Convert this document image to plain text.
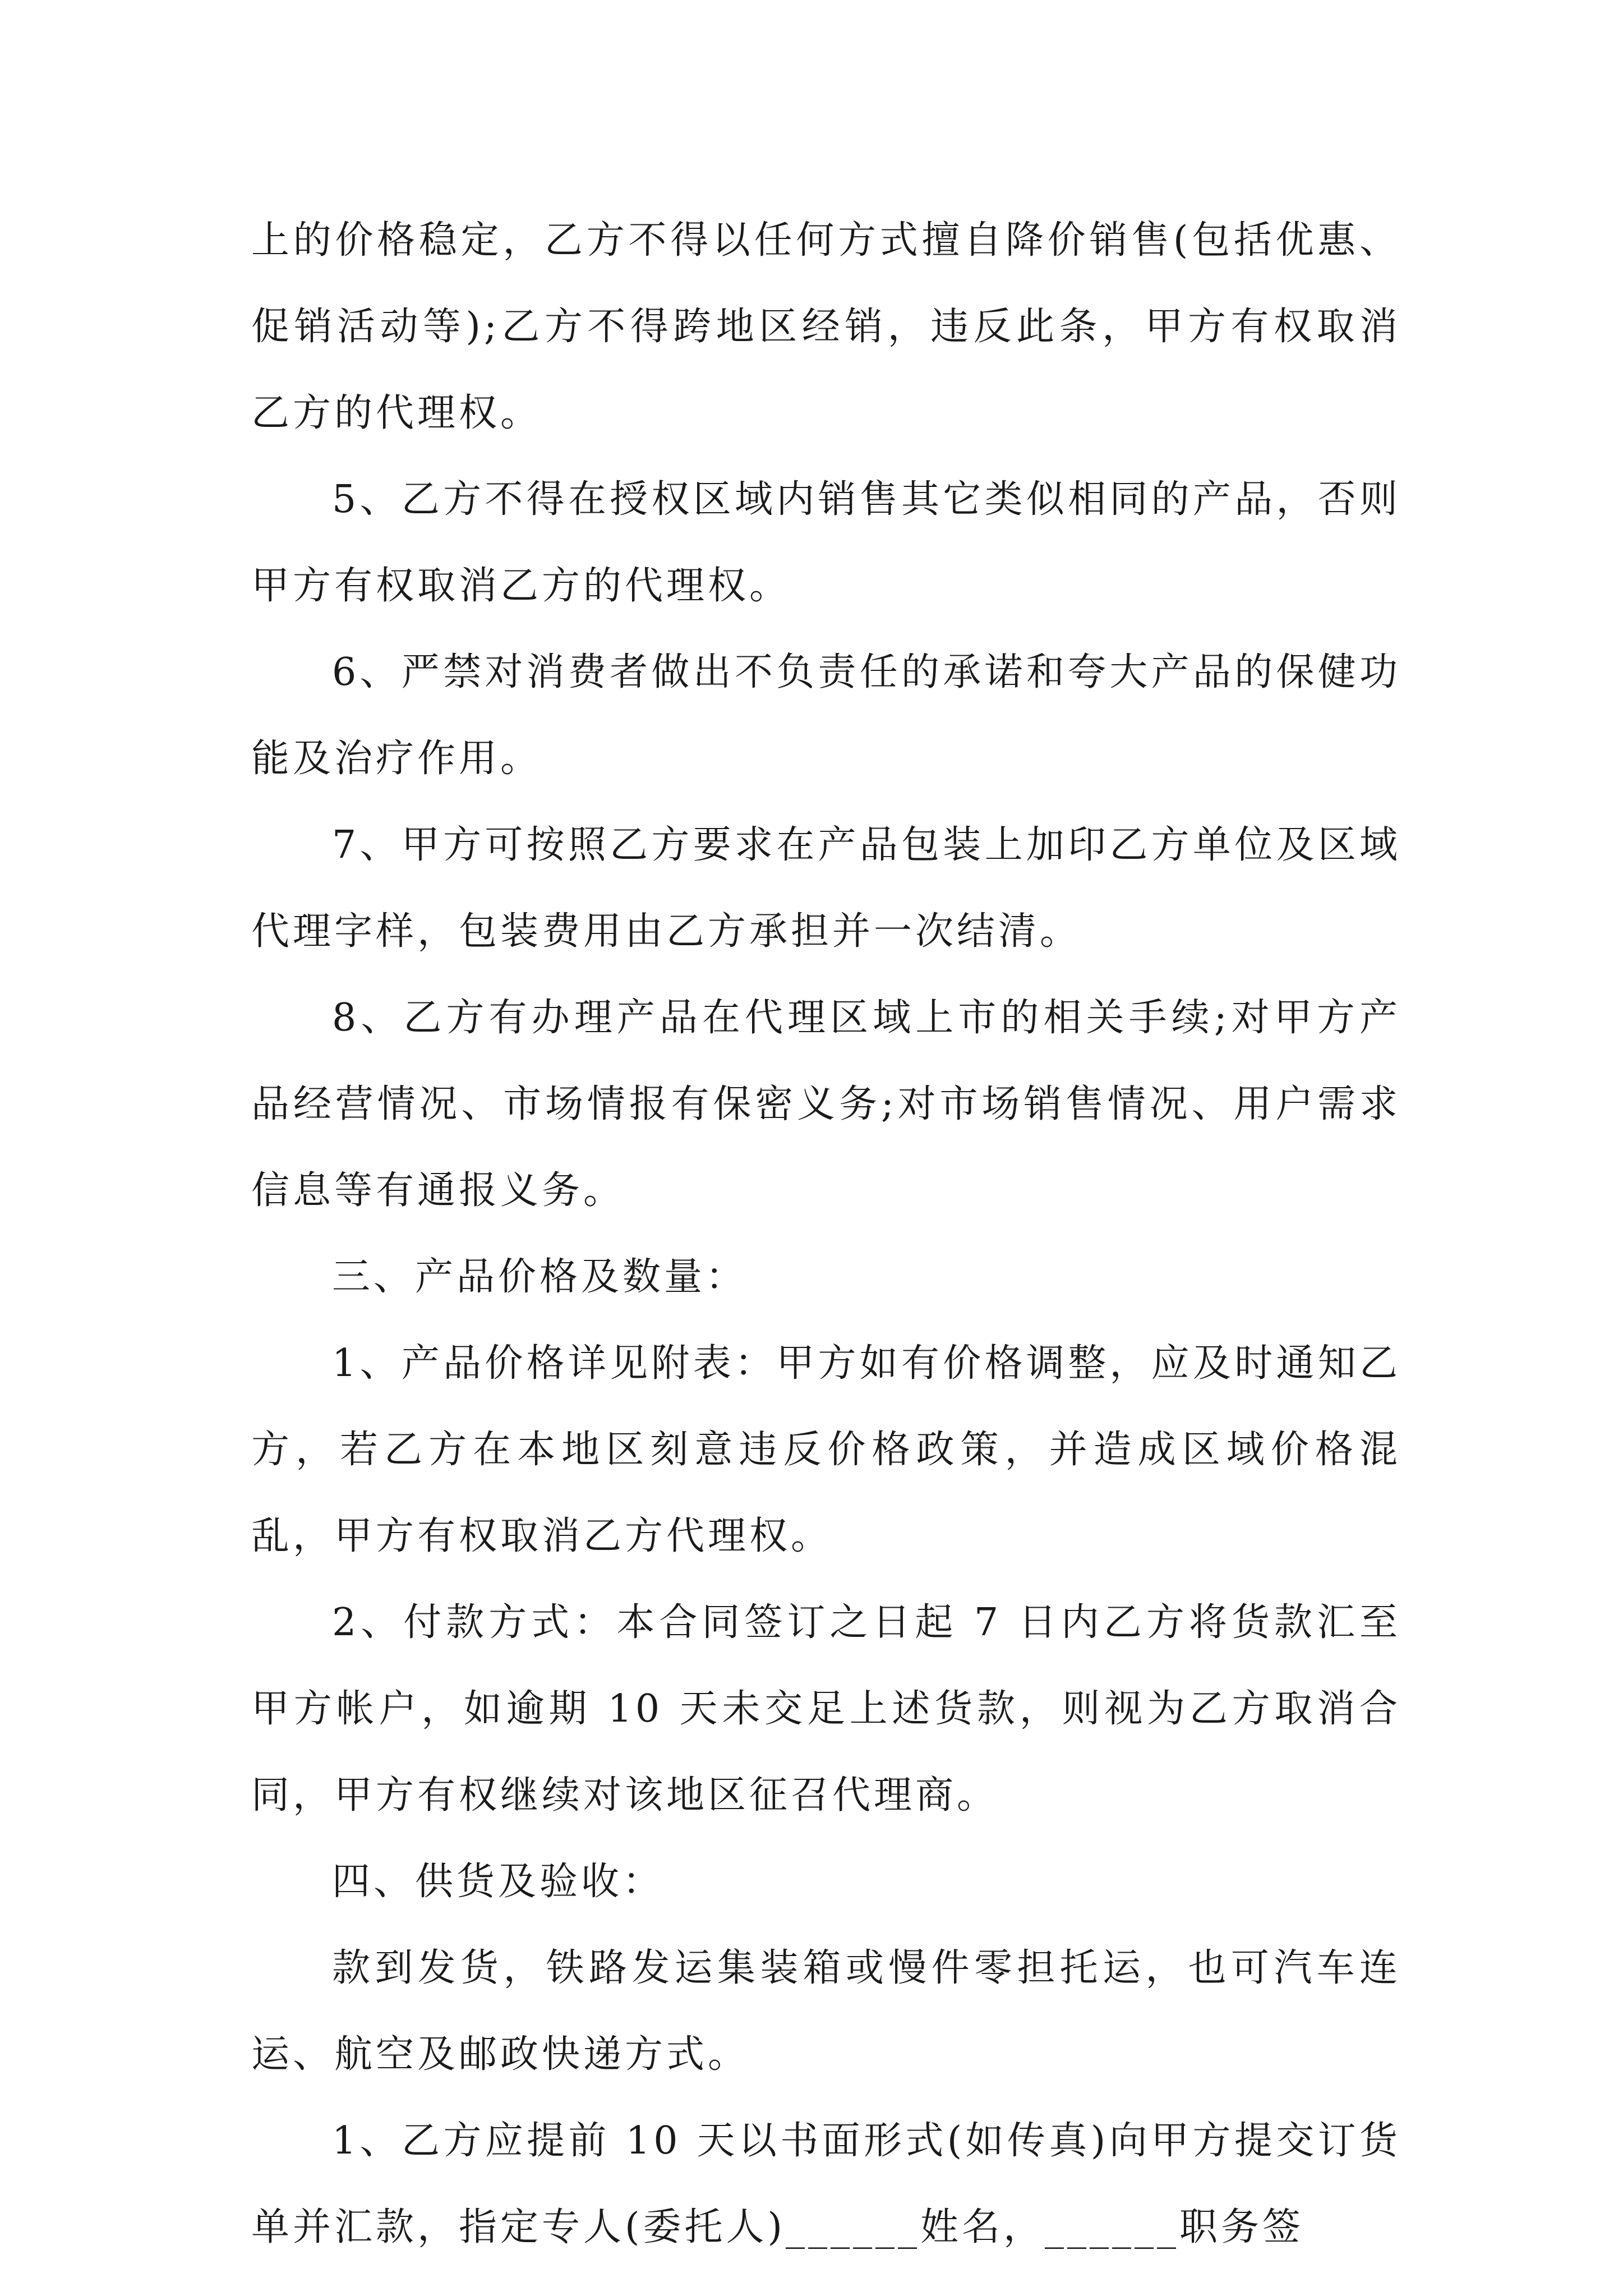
上的价格稳定，乙方不得以任何方式擅自降价销售(包括优惠、促销活动等);乙方不得跨地区经销，违反此条，甲方有权取消乙方的代理权。

5、乙方不得在授权区域内销售其它类似相同的产品，否则甲方有权取消乙方的代理权。

6、严禁对消费者做出不负责任的承诺和夸大产品的保健功能及治疗作用。

7、甲方可按照乙方要求在产品包装上加印乙方单位及区域代理字样，包装费用由乙方承担并一次结清。

8、乙方有办理产品在代理区域上市的相关手续;对甲方产品经营情况、市场情报有保密义务;对市场销售情况、用户需求信息等有通报义务。

三、产品价格及数量：

1、产品价格详见附表：甲方如有价格调整，应及时通知乙方，若乙方在本地区刻意违反价格政策，并造成区域价格混乱，甲方有权取消乙方代理权。

2、付款方式：本合同签订之日起 7 日内乙方将货款汇至甲方帐户，如逾期 10 天未交足上述货款，则视为乙方取消合同，甲方有权继续对该地区征召代理商。

四、供货及验收：

款到发货，铁路发运集装箱或慢件零担托运，也可汽车连运、航空及邮政快递方式。

1、乙方应提前 10 天以书面形式(如传真)向甲方提交订货单并汇款，指定专人(委托人)______姓名，______职务签
